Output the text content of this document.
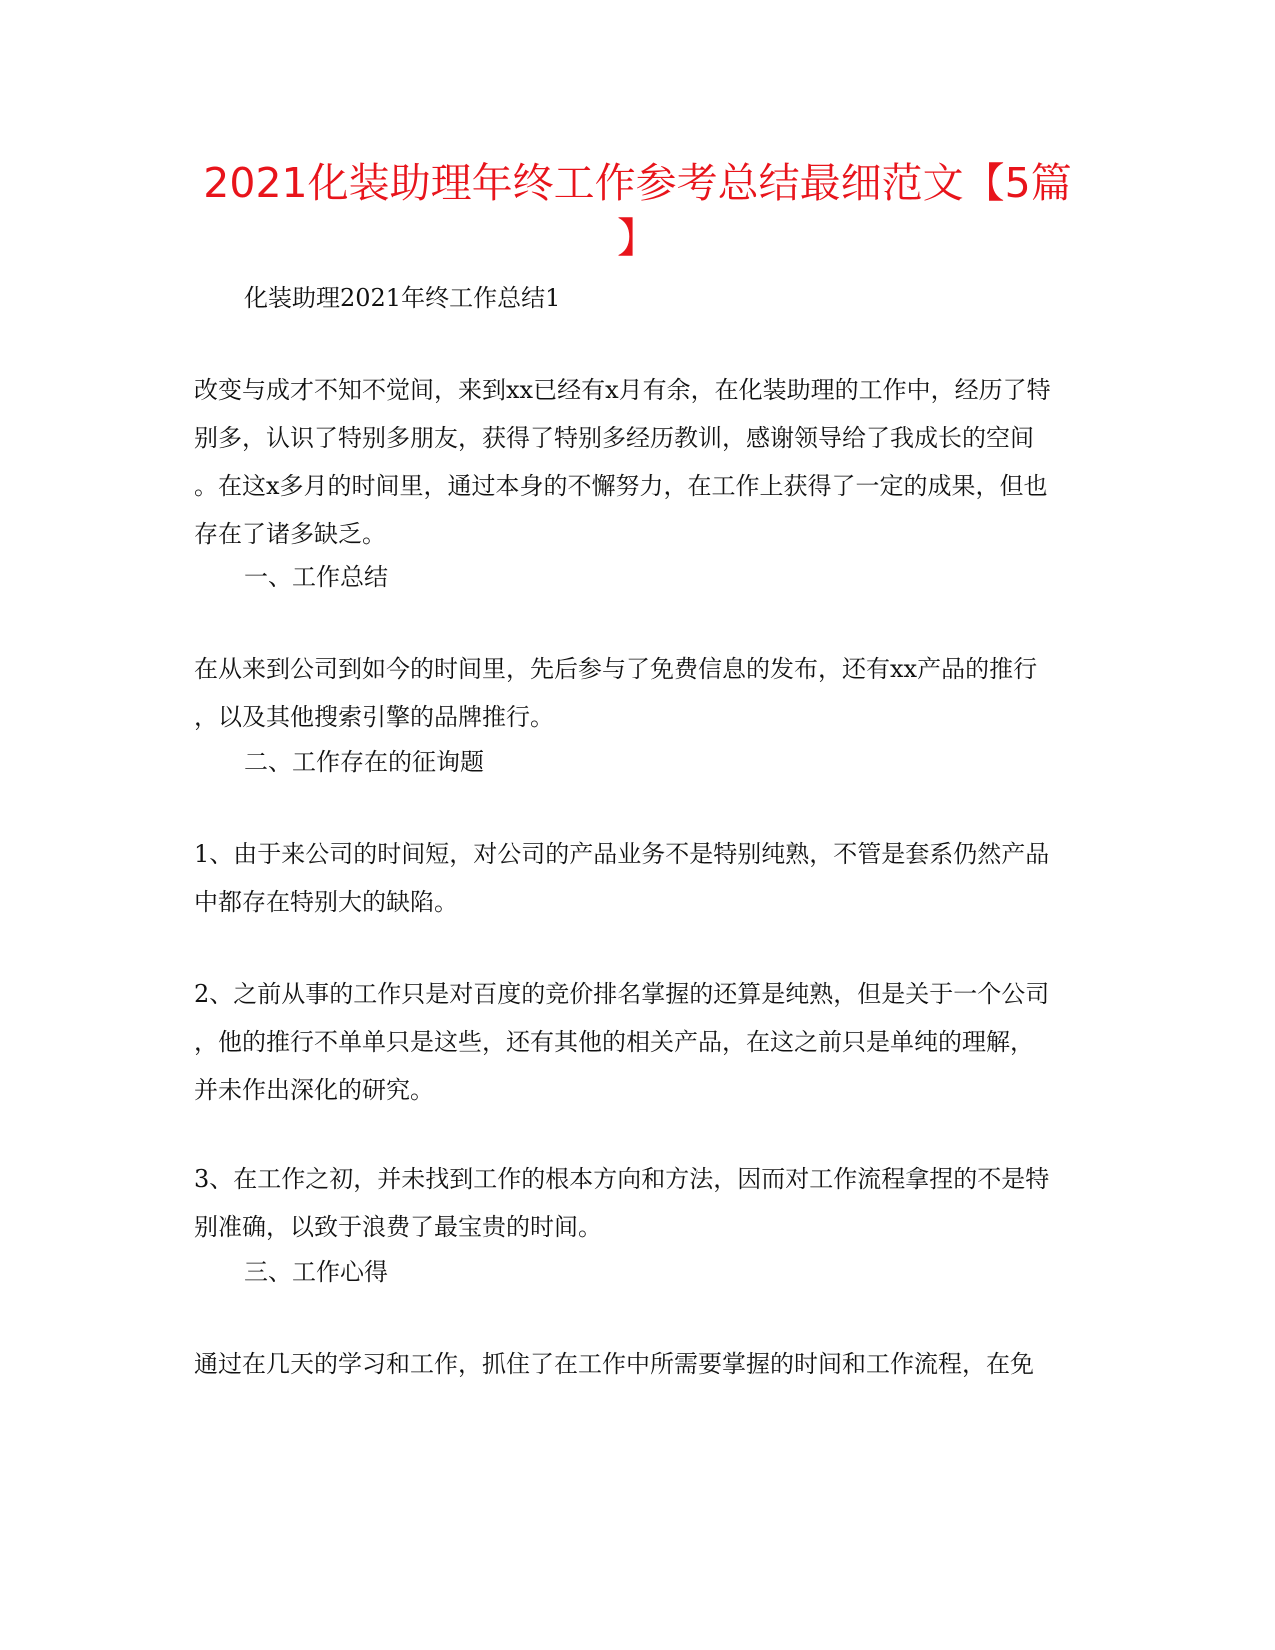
2021化装助理年终工作参考总结最细范文【5篇
】
化装助理2021年终工作总结1
改变与成才不知不觉间，来到xx已经有x月有余，在化装助理的工作中，经历了特
别多，认识了特别多朋友，获得了特别多经历教训，感谢领导给了我成长的空间
。在这x多月的时间里，通过本身的不懈努力，在工作上获得了一定的成果，但也
存在了诸多缺乏。
一、工作总结
在从来到公司到如今的时间里，先后参与了免费信息的发布，还有xx产品的推行
，以及其他搜索引擎的品牌推行。
二、工作存在的征询题
1、由于来公司的时间短，对公司的产品业务不是特别纯熟，不管是套系仍然产品
中都存在特别大的缺陷。
2、之前从事的工作只是对百度的竞价排名掌握的还算是纯熟，但是关于一个公司
，他的推行不单单只是这些，还有其他的相关产品，在这之前只是单纯的理解，
并未作出深化的研究。
3、在工作之初，并未找到工作的根本方向和方法，因而对工作流程拿捏的不是特
别准确，以致于浪费了最宝贵的时间。
三、工作心得
通过在几天的学习和工作，抓住了在工作中所需要掌握的时间和工作流程，在免
